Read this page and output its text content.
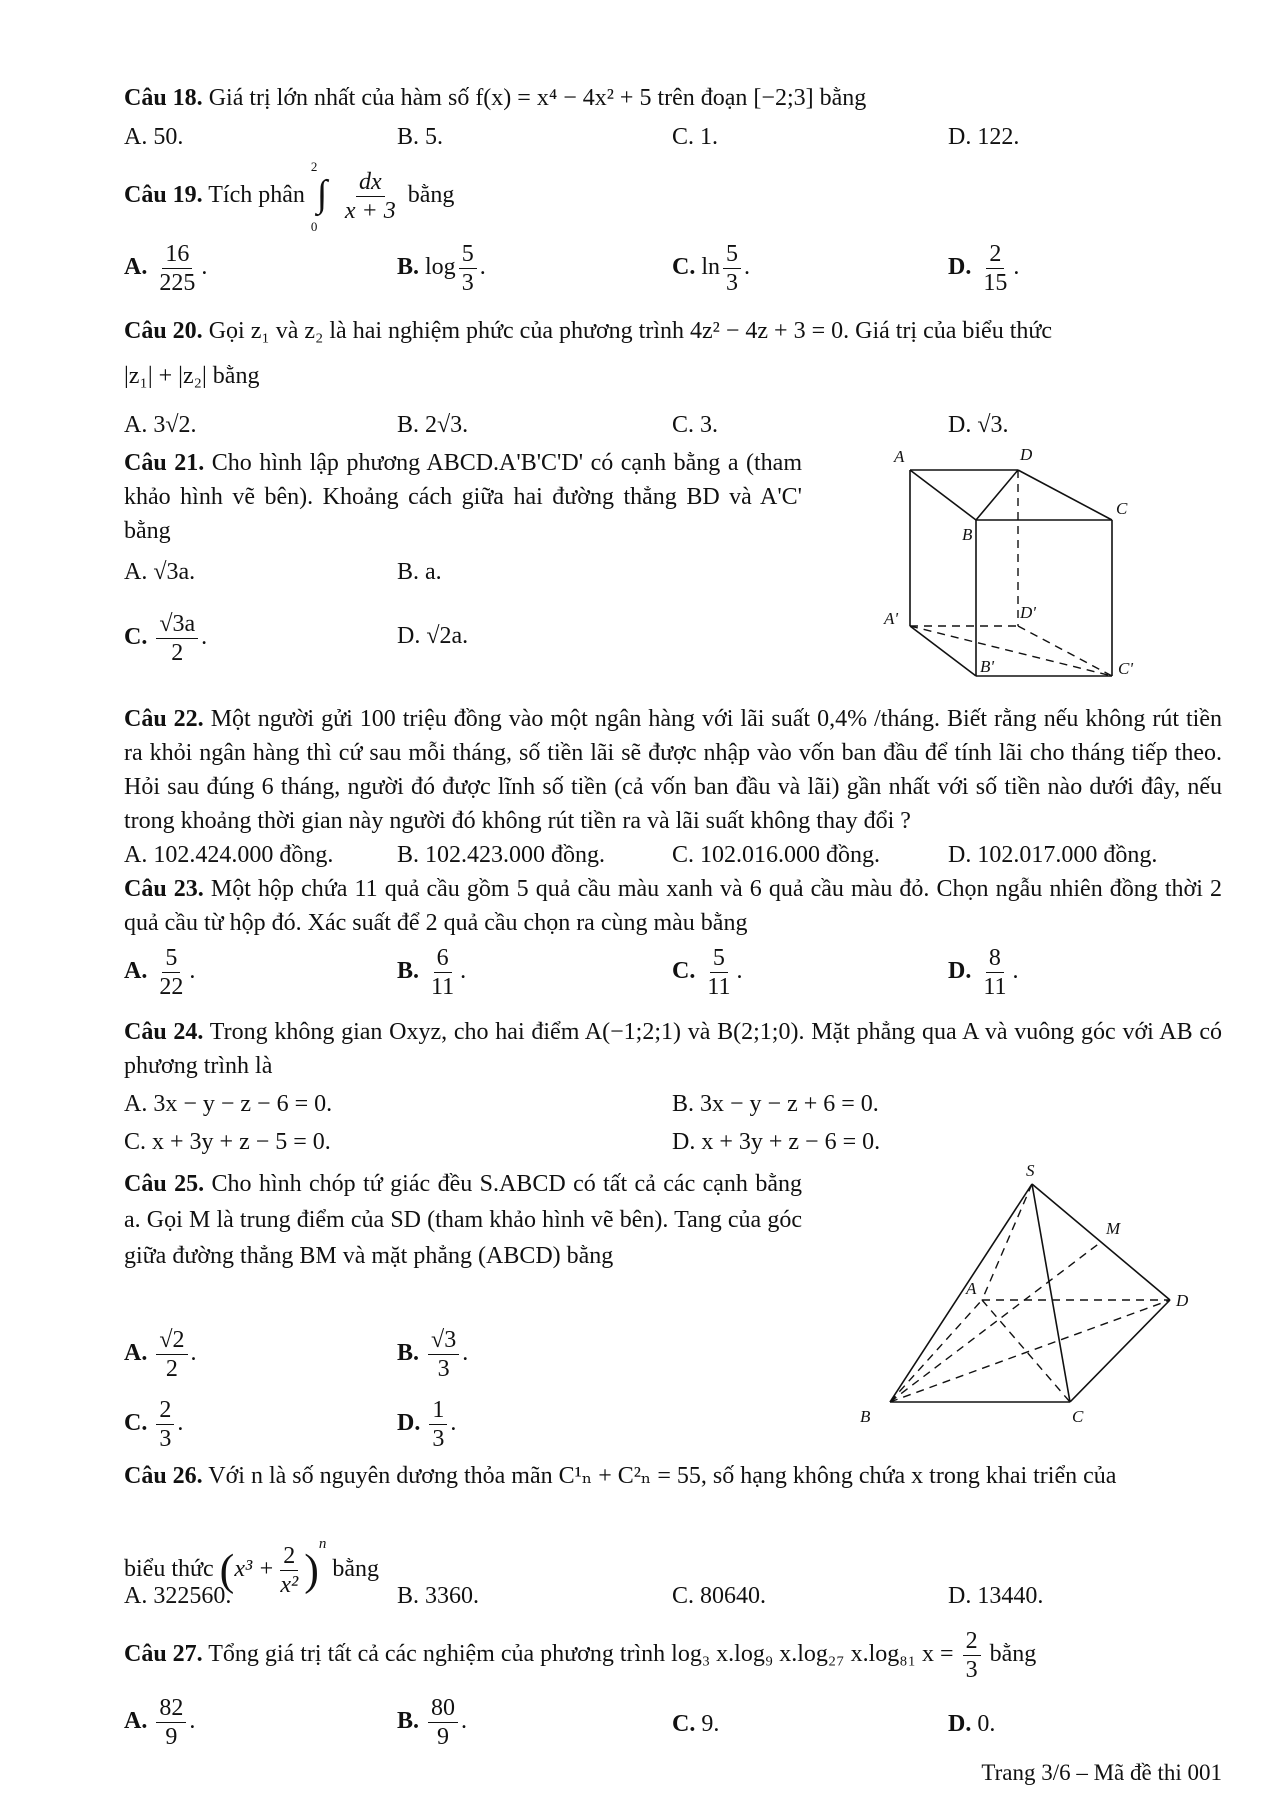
Câu 18. Giá trị lớn nhất của hàm số f(x) = x⁴ − 4x² + 5 trên đoạn [−2;3] bằng
A. 50.	B. 5.	C. 1.	D. 122.
Câu 19. Tích phân
2
∫
0

$\frac{dx}{x + 3}$ bằng
A. $\frac{16}{225}$ .	B. $\log \frac{5}{3}$ .	C. $\ln \frac{5}{3}$ .	D. $\frac{2}{15}$ .
Câu 20. Gọi z₁ và z₂ là hai nghiệm phức của phương trình 4z² − 4z + 3 = 0. Giá trị của biểu thức
|z₁| + |z₂| bằng
A. 3√2.	B. 2√3.	C. 3.	D. √3.
Câu 21. Cho hình lập phương ABCD.A'B'C'D' có cạnh bằng a (tham khảo hình vẽ bên). Khoảng cách giữa hai đường thẳng BD và A'C' bằng
A. √3a.	B. a.
C. $\frac{√3a}{2}$ .	D. √2a.
A	D
C
B
A'	D'
B'	C'
Câu 22. Một người gửi 100 triệu đồng vào một ngân hàng với lãi suất 0,4% /tháng. Biết rằng nếu không rút tiền ra khỏi ngân hàng thì cứ sau mỗi tháng, số tiền lãi sẽ được nhập vào vốn ban đầu để tính lãi cho tháng tiếp theo. Hỏi sau đúng 6 tháng, người đó được lĩnh số tiền (cả vốn ban đầu và lãi) gần nhất với số tiền nào dưới đây, nếu trong khoảng thời gian này người đó không rút tiền ra và lãi suất không thay đổi ?
A. 102.424.000 đồng.	B. 102.423.000 đồng.	C. 102.016.000 đồng.	D. 102.017.000 đồng.
Câu 23. Một hộp chứa 11 quả cầu gồm 5 quả cầu màu xanh và 6 quả cầu màu đỏ. Chọn ngẫu nhiên đồng thời 2 quả cầu từ hộp đó. Xác suất để 2 quả cầu chọn ra cùng màu bằng
A. $\frac{5}{22}$ .	B. $\frac{6}{11}$ .	C. $\frac{5}{11}$ .	D. $\frac{8}{11}$ .
Câu 24. Trong không gian Oxyz, cho hai điểm A(−1;2;1) và B(2;1;0). Mặt phẳng qua A và vuông góc với AB có phương trình là
A. 3x − y − z − 6 = 0.	B. 3x − y − z + 6 = 0.
C. x + 3y + z − 5 = 0.	D. x + 3y + z − 6 = 0.
Câu 25. Cho hình chóp tứ giác đều S.ABCD có tất cả các cạnh bằng a. Gọi M là trung điểm của SD (tham khảo hình vẽ bên). Tang của góc giữa đường thẳng BM và mặt phẳng (ABCD) bằng
A. $\frac{√2}{2}$ .	B. $\frac{√3}{3}$ .
C. $\frac{2}{3}$ .	D. $\frac{1}{3}$ .
S
M
A
D
B	C
Câu 26. Với n là số nguyên dương thỏa mãn C¹ₙ + C²ₙ = 55, số hạng không chứa x trong khai triển của
biểu thức $(x^3 + \frac{2}{\text{x²}} )^n$ bằng
A. 322560.	B. 3360.	C. 80640.	D. 13440.
Câu 27. Tổng giá trị tất cả các nghiệm của phương trình log₃ x.log₉ x.log₂₇ x.log₈₁ $x = \frac{2}{3}$ bằng
A. $\frac{82}{9}$ .	B. $\frac{80}{9}$ .	C. 9.	D. 0.
Trang 3/6 – Mã đề thi 001
